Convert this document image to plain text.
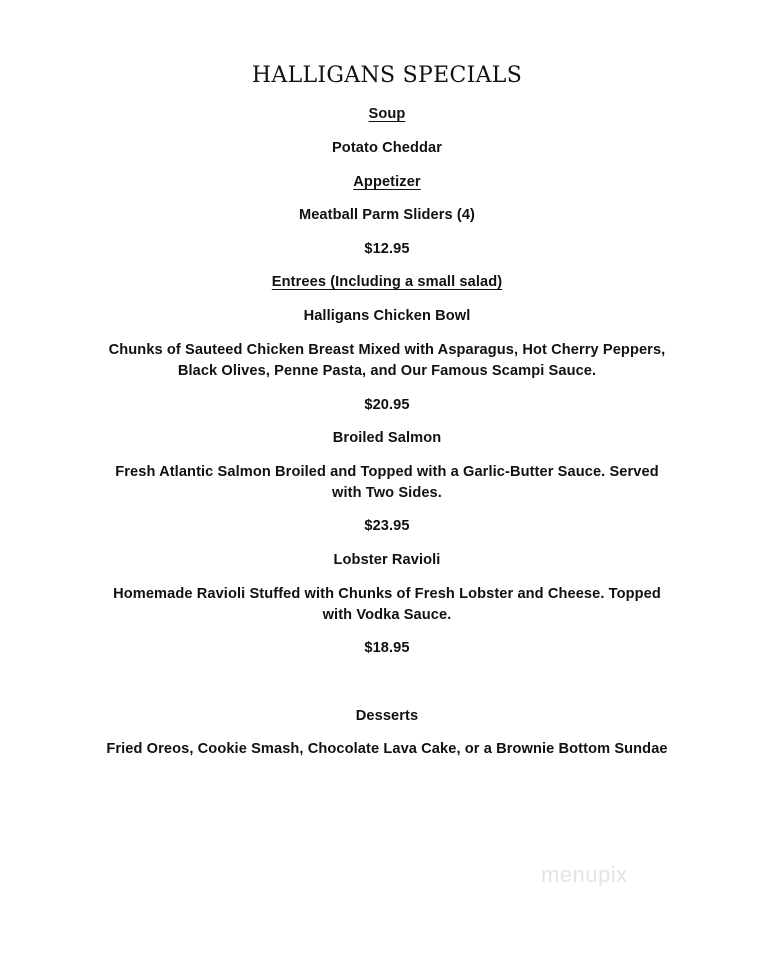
HALLIGANS SPECIALS
Soup
Potato Cheddar
Appetizer
Meatball Parm Sliders (4)
$12.95
Entrees (Including a small salad)
Halligans Chicken Bowl
Chunks of Sauteed Chicken Breast Mixed with Asparagus, Hot Cherry Peppers,
Black Olives, Penne Pasta, and Our Famous Scampi Sauce.
$20.95
Broiled Salmon
Fresh Atlantic Salmon Broiled and Topped with a Garlic-Butter Sauce. Served
with Two Sides.
$23.95
Lobster Ravioli
Homemade Ravioli Stuffed with Chunks of Fresh Lobster and Cheese. Topped
with Vodka Sauce.
$18.95
Desserts
Fried Oreos, Cookie Smash, Chocolate Lava Cake, or a Brownie Bottom Sundae
menupix
